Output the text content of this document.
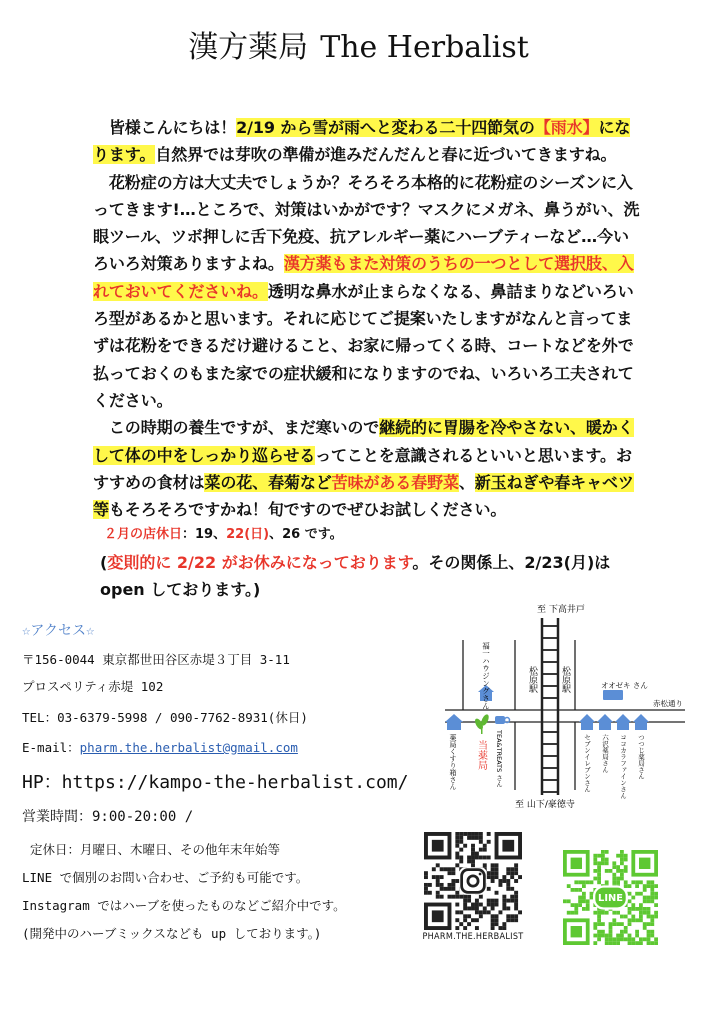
漢方薬局 The Herbalist

　皆様こんにちは！2/19 から雪が雨へと変わる二十四節気の【雨水】になります。自然界では芽吹の準備が進みだんだんと春に近づいてきますね。

　花粉症の方は大丈夫でしょうか？そろそろ本格的に花粉症のシーズンに入ってきます!…ところで、対策はいかがです？マスクにメガネ、鼻うがい、洗眼ツール、ツボ押しに舌下免疫、抗アレルギー薬にハーブティーなど…今いろいろ対策ありますよね。漢方薬もまた対策のうちの一つとして選択肢、入れておいてくださいね。透明な鼻水が止まらなくなる、鼻詰まりなどいろいろ型があるかと思います。それに応じてご提案いたしますがなんと言ってまずは花粉をできるだけ避けること、お家に帰ってくる時、コートなどを外で払っておくのもまた家での症状緩和になりますのでね、いろいろ工夫されてください。

　この時期の養生ですが、まだ寒いので継続的に胃腸を冷やさない、暖かくして体の中をしっかり巡らせるってことを意識されるといいと思います。おすすめの食材は菜の花、春菊など苦味がある春野菜、新玉ねぎや春キャベツ等もそろそろですかね！旬ですのでぜひお試しください。

２月の店休日：19、22(日)、26 です。
(変則的に 2/22 がお休みになっております。その関係上、2/23(月)は open しております。)
☆アクセス☆
〒156-0044 東京都世田谷区赤堤３丁目 3-11
プロスペリティ赤堤 102
TEL：03-6379-5998 / 090-7762-8931(休日)
E-mail：pharm.the.herbalist@gmail.com
HP：https://kampo-the-herbalist.com/
営業時間：9:00-20:00 /
定休日：月曜日、木曜日、その他年末年始等
LINE で個別のお問い合わせ、ご予約も可能です。
Instagram ではハーブを使ったものなどご紹介中です。
(開発中のハーブミックスなども up しております。)
至 下高井戸
松原駅	松原駅
福一ハウジングさん	オオゼキ さん
赤松通り
薬局くすり箱さん 当薬局 TEA&TREATS さん	セブンイレブンさん 六沢薬局さん ココカラファインさん つつじ薬局さん
至 山下/豪徳寺
PHARM.THE.HERBALIST
LINE
